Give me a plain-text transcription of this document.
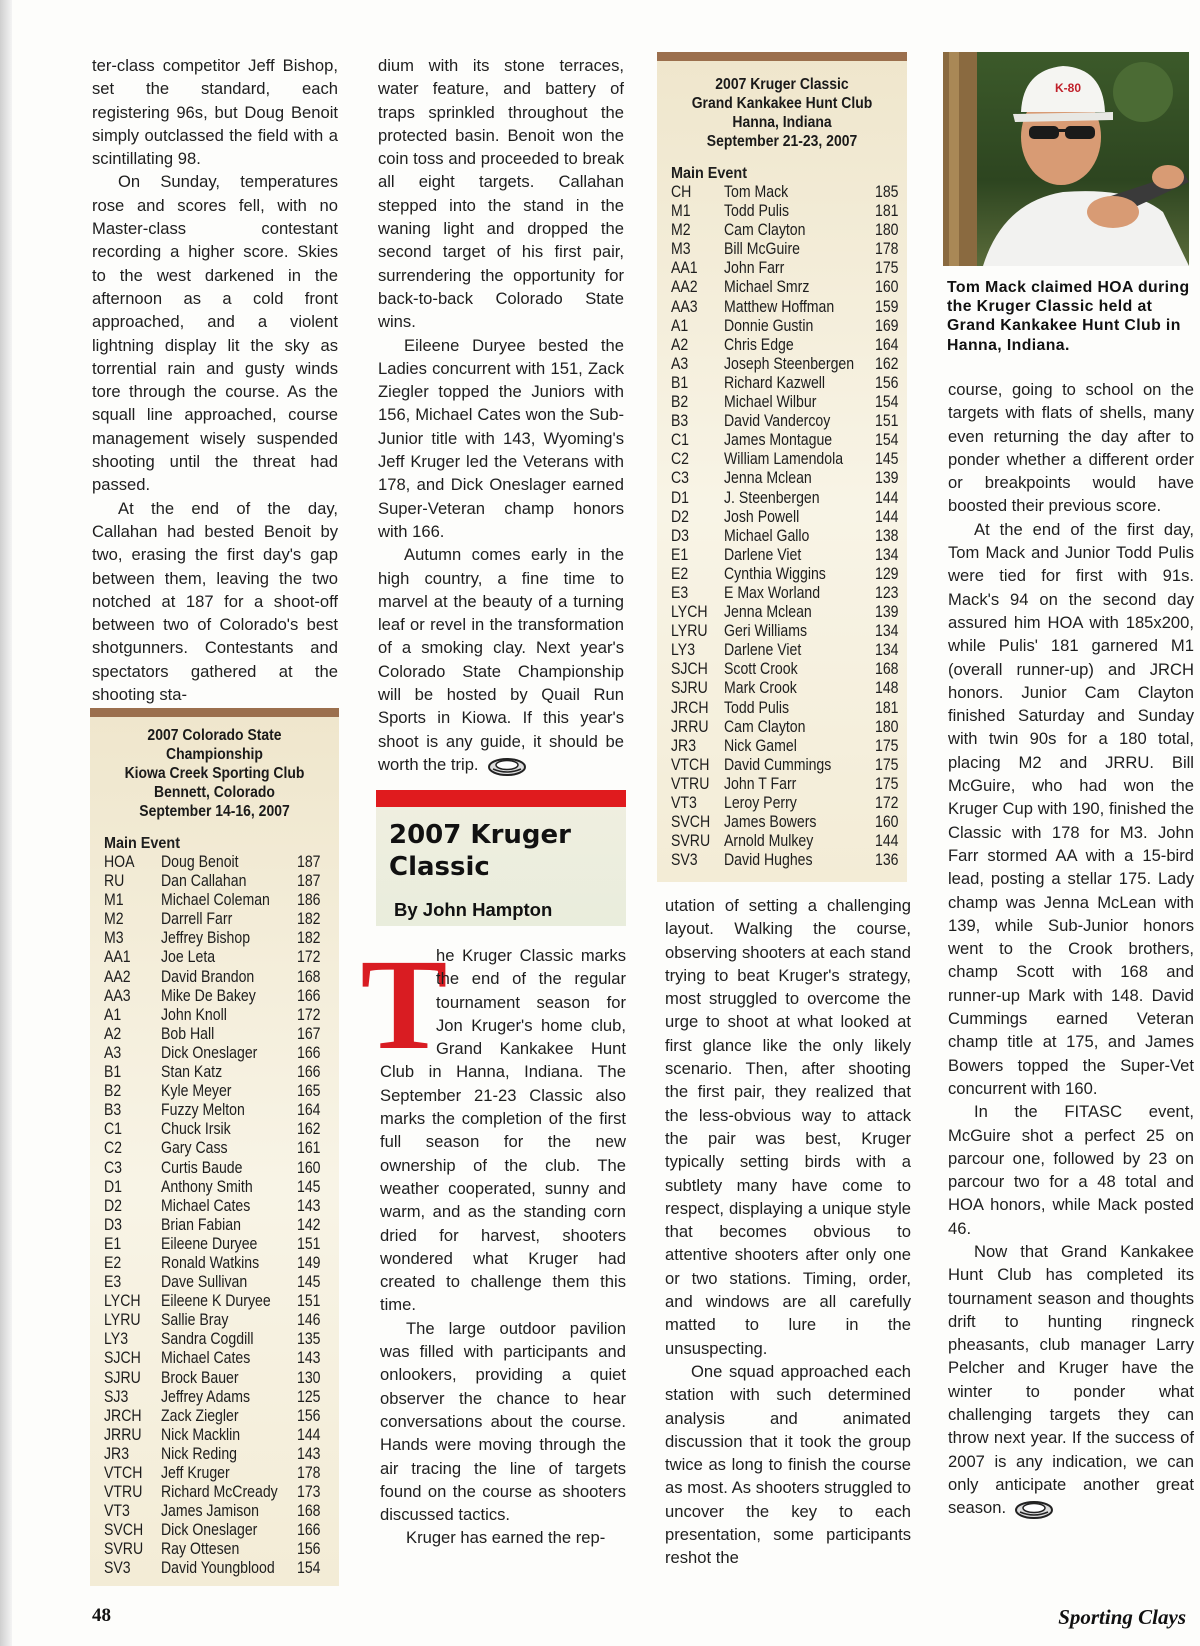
ter-class competitor Jeff Bishop, set the standard, each registering 96s, but Doug Benoit simply outclassed the field with a scintillating 98.

On Sunday, temperatures rose and scores fell, with no Master-class contestant recording a higher score. Skies to the west darkened in the afternoon as a cold front approached, and a violent lightning display lit the sky as torrential rain and gusty winds tore through the course. As the squall line approached, course management wisely suspended shooting until the threat had passed.

At the end of the day, Callahan had bested Benoit by two, erasing the first day's gap between them, leaving the two notched at 187 for a shoot-off between two of Colorado's best shotgunners. Contestants and spectators gathered at the shooting sta-

2007 Colorado State
Championship
Kiowa Creek Sporting Club
Bennett, Colorado
September 14-16, 2007
Main Event
HOA	Doug Benoit	187
RU	Dan Callahan	187
M1	Michael Coleman	186
M2	Darrell Farr	182
M3	Jeffrey Bishop	182
AA1	Joe Leta	172
AA2	David Brandon	168
AA3	Mike De Bakey	166
A1	John Knoll	172
A2	Bob Hall	167
A3	Dick Oneslager	166
B1	Stan Katz	166
B2	Kyle Meyer	165
B3	Fuzzy Melton	164
C1	Chuck Irsik	162
C2	Gary Cass	161
C3	Curtis Baude	160
D1	Anthony Smith	145
D2	Michael Cates	143
D3	Brian Fabian	142
E1	Eileene Duryee	151
E2	Ronald Watkins	149
E3	Dave Sullivan	145
LYCH	Eileene K Duryee	151
LYRU	Sallie Bray	146
LY3	Sandra Cogdill	135
SJCH	Michael Cates	143
SJRU	Brock Bauer	130
SJ3	Jeffrey Adams	125
JRCH	Zack Ziegler	156
JRRU	Nick Macklin	144
JR3	Nick Reding	143
VTCH	Jeff Kruger	178
VTRU	Richard McCready	173
VT3	James Jamison	168
SVCH	Dick Oneslager	166
SVRU	Ray Ottesen	156
SV3	David Youngblood	154

dium with its stone terraces, water feature, and battery of traps sprinkled throughout the protected basin. Benoit won the coin toss and proceeded to break all eight targets. Callahan stepped into the stand in the waning light and dropped the second target of his first pair, surrendering the opportunity for back-to-back Colorado State wins.

Eileene Duryee bested the Ladies concurrent with 151, Zack Ziegler topped the Juniors with 156, Michael Cates won the Sub-Junior title with 143, Wyoming's Jeff Kruger led the Veterans with 178, and Dick Oneslager earned Super-Veteran champ honors with 166.

Autumn comes early in the high country, a fine time to marvel at the beauty of a turning leaf or revel in the transformation of a smoking clay. Next year's Colorado State Championship will be hosted by Quail Run Sports in Kiowa. If this year's shoot is any guide, it should be worth the trip.

2007 Kruger Classic
By John Hampton

T
he Kruger Classic marks the end of the regular tournament season for Jon Kruger's home club, Grand Kankakee Hunt Club in Hanna, Indiana. The September 21-23 Classic also marks the completion of the first full season for the new ownership of the club. The weather cooperated, sunny and warm, and as the standing corn dried for harvest, shooters wondered what Kruger had created to challenge them this time.

The large outdoor pavilion was filled with participants and onlookers, providing a quiet observer the chance to hear conversations about the course. Hands were moving through the air tracing the line of targets found on the course as shooters discussed tactics.

Kruger has earned the rep-

2007 Kruger Classic
Grand Kankakee Hunt Club
Hanna, Indiana
September 21-23, 2007
Main Event
CH	Tom Mack	185
M1	Todd Pulis	181
M2	Cam Clayton	180
M3	Bill McGuire	178
AA1	John Farr	175
AA2	Michael Smrz	160
AA3	Matthew Hoffman	159
A1	Donnie Gustin	169
A2	Chris Edge	164
A3	Joseph Steenbergen	162
B1	Richard Kazwell	156
B2	Michael Wilbur	154
B3	David Vandercoy	151
C1	James Montague	154
C2	William Lamendola	145
C3	Jenna Mclean	139
D1	J. Steenbergen	144
D2	Josh Powell	144
D3	Michael Gallo	138
E1	Darlene Viet	134
E2	Cynthia Wiggins	129
E3	E Max Worland	123
LYCH	Jenna Mclean	139
LYRU	Geri Williams	134
LY3	Darlene Viet	134
SJCH	Scott Crook	168
SJRU	Mark Crook	148
JRCH	Todd Pulis	181
JRRU	Cam Clayton	180
JR3	Nick Gamel	175
VTCH	David Cummings	175
VTRU	John T Farr	175
VT3	Leroy Perry	172
SVCH	James Bowers	160
SVRU	Arnold Mulkey	144
SV3	David Hughes	136

utation of setting a challenging layout. Walking the course, observing shooters at each stand trying to beat Kruger's strategy, most struggled to overcome the urge to shoot at what looked at first glance like the only likely scenario. Then, after shooting the first pair, they realized that the less-obvious way to attack the pair was best, Kruger typically setting birds with a subtlety many have come to respect, displaying a unique style that becomes obvious to attentive shooters after only one or two stations. Timing, order, and windows are all carefully matted to lure in the unsuspecting.

One squad approached each station with such determined analysis and animated discussion that it took the group twice as long to finish the course as most. As shooters struggled to uncover the key to each presentation, some participants reshot the

K-80
Tom Mack claimed HOA during the Kruger Classic held at Grand Kankakee Hunt Club in Hanna, Indiana.

course, going to school on the targets with flats of shells, many even returning the day after to ponder whether a different order or breakpoints would have boosted their previous score.

At the end of the first day, Tom Mack and Junior Todd Pulis were tied for first with 91s. Mack's 94 on the second day assured him HOA with 185x200, while Pulis' 181 garnered M1 (overall runner-up) and JRCH honors. Junior Cam Clayton finished Saturday and Sunday with twin 90s for a 180 total, placing M2 and JRRU. Bill McGuire, who had won the Kruger Cup with 190, finished the Classic with 178 for M3. John Farr stormed AA with a 15-bird lead, posting a stellar 175. Lady champ was Jenna McLean with 139, while Sub-Junior honors went to the Crook brothers, champ Scott with 168 and runner-up Mark with 148. David Cummings earned Veteran champ title at 175, and James Bowers topped the Super-Vet concurrent with 160.

In the FITASC event, McGuire shot a perfect 25 on parcour one, followed by 23 on parcour two for a 48 total and HOA honors, while Mack posted 46.

Now that Grand Kankakee Hunt Club has completed its tournament season and thoughts drift to hunting ringneck pheasants, club manager Larry Pelcher and Kruger have the winter to ponder what challenging targets they can throw next year. If the success of 2007 is any indication, we can only anticipate another great season.

48	Sporting Clays
